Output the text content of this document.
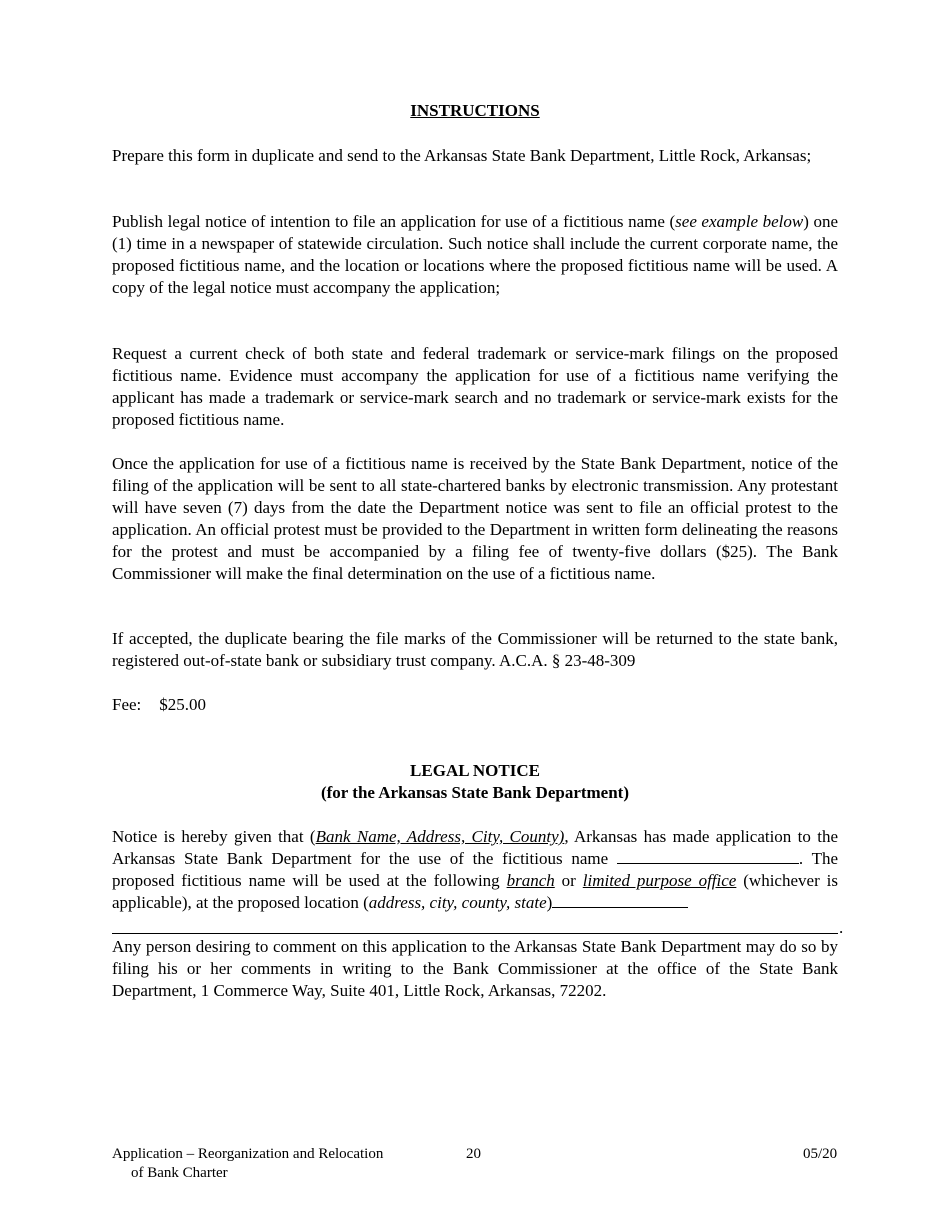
INSTRUCTIONS
Prepare this form in duplicate and send to the Arkansas State Bank Department, Little Rock, Arkansas;
Publish legal notice of intention to file an application for use of a fictitious name (see example below) one (1) time in a newspaper of statewide circulation. Such notice shall include the current corporate name, the proposed fictitious name, and the location or locations where the proposed fictitious name will be used. A copy of the legal notice must accompany the application;
Request a current check of both state and federal trademark or service-mark filings on the proposed fictitious name. Evidence must accompany the application for use of a fictitious name verifying the applicant has made a trademark or service-mark search and no trademark or service-mark exists for the proposed fictitious name.
Once the application for use of a fictitious name is received by the State Bank Department, notice of the filing of the application will be sent to all state-chartered banks by electronic transmission. Any protestant will have seven (7) days from the date the Department notice was sent to file an official protest to the application. An official protest must be provided to the Department in written form delineating the reasons for the protest and must be accompanied by a filing fee of twenty-five dollars ($25). The Bank Commissioner will make the final determination on the use of a fictitious name.
If accepted, the duplicate bearing the file marks of the Commissioner will be returned to the state bank, registered out-of-state bank or subsidiary trust company. A.C.A. § 23-48-309
Fee: $25.00
LEGAL NOTICE
(for the Arkansas State Bank Department)
Notice is hereby given that (Bank Name, Address, City, County), Arkansas has made application to the Arkansas State Bank Department for the use of the fictitious name	. The proposed fictitious name will be used at the following branch or limited purpose office (whichever is applicable), at the proposed location (address, city, county, state)
.
Any person desiring to comment on this application to the Arkansas State Bank Department may do so by filing his or her comments in writing to the Bank Commissioner at the office of the State Bank Department, 1 Commerce Way, Suite 401, Little Rock, Arkansas, 72202.
Application – Reorganization and Relocation
of Bank Charter
20	05/20
